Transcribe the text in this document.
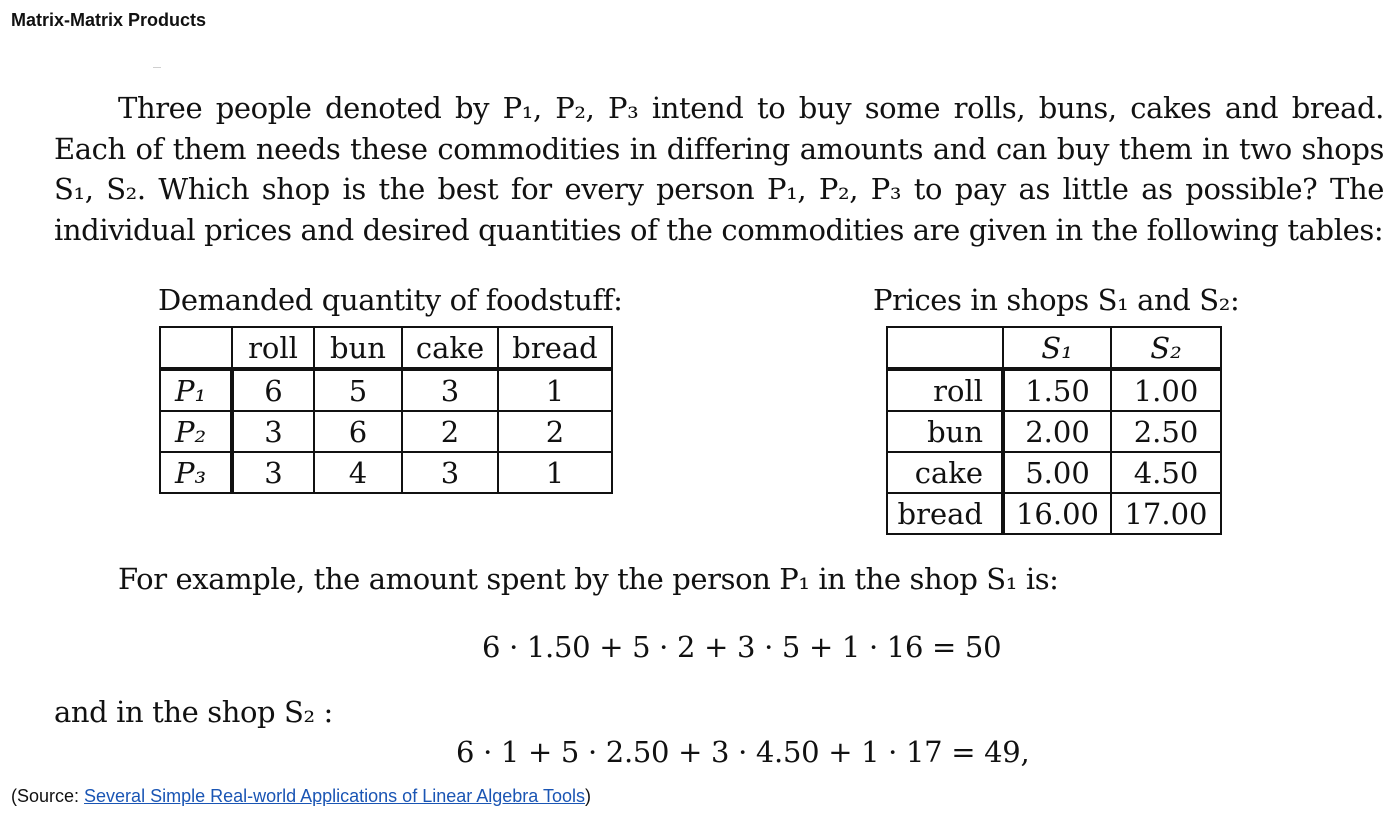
Matrix-Matrix Products
Three people denoted by P₁, P₂, P₃ intend to buy some rolls, buns, cakes and bread. Each of them needs these commodities in differing amounts and can buy them in two shops S₁, S₂. Which shop is the best for every person P₁, P₂, P₃ to pay as little as possible? The individual prices and desired quantities of the commodities are given in the following tables:
Demanded quantity of foodstuff:	Prices in shops S₁ and S₂:
	roll	bun	cake	bread
P₁	6	5	3	1
P₂	3	6	2	2
P₃	3	4	3	1
	S₁	S₂
roll	1.50	1.00
bun	2.00	2.50
cake	5.00	4.50
bread	16.00	17.00
For example, the amount spent by the person P₁ in the shop S₁ is:
6 · 1.50 + 5 · 2 + 3 · 5 + 1 · 16 = 50
and in the shop S₂ :
6 · 1 + 5 · 2.50 + 3 · 4.50 + 1 · 17 = 49,
(Source: Several Simple Real-world Applications of Linear Algebra Tools)
